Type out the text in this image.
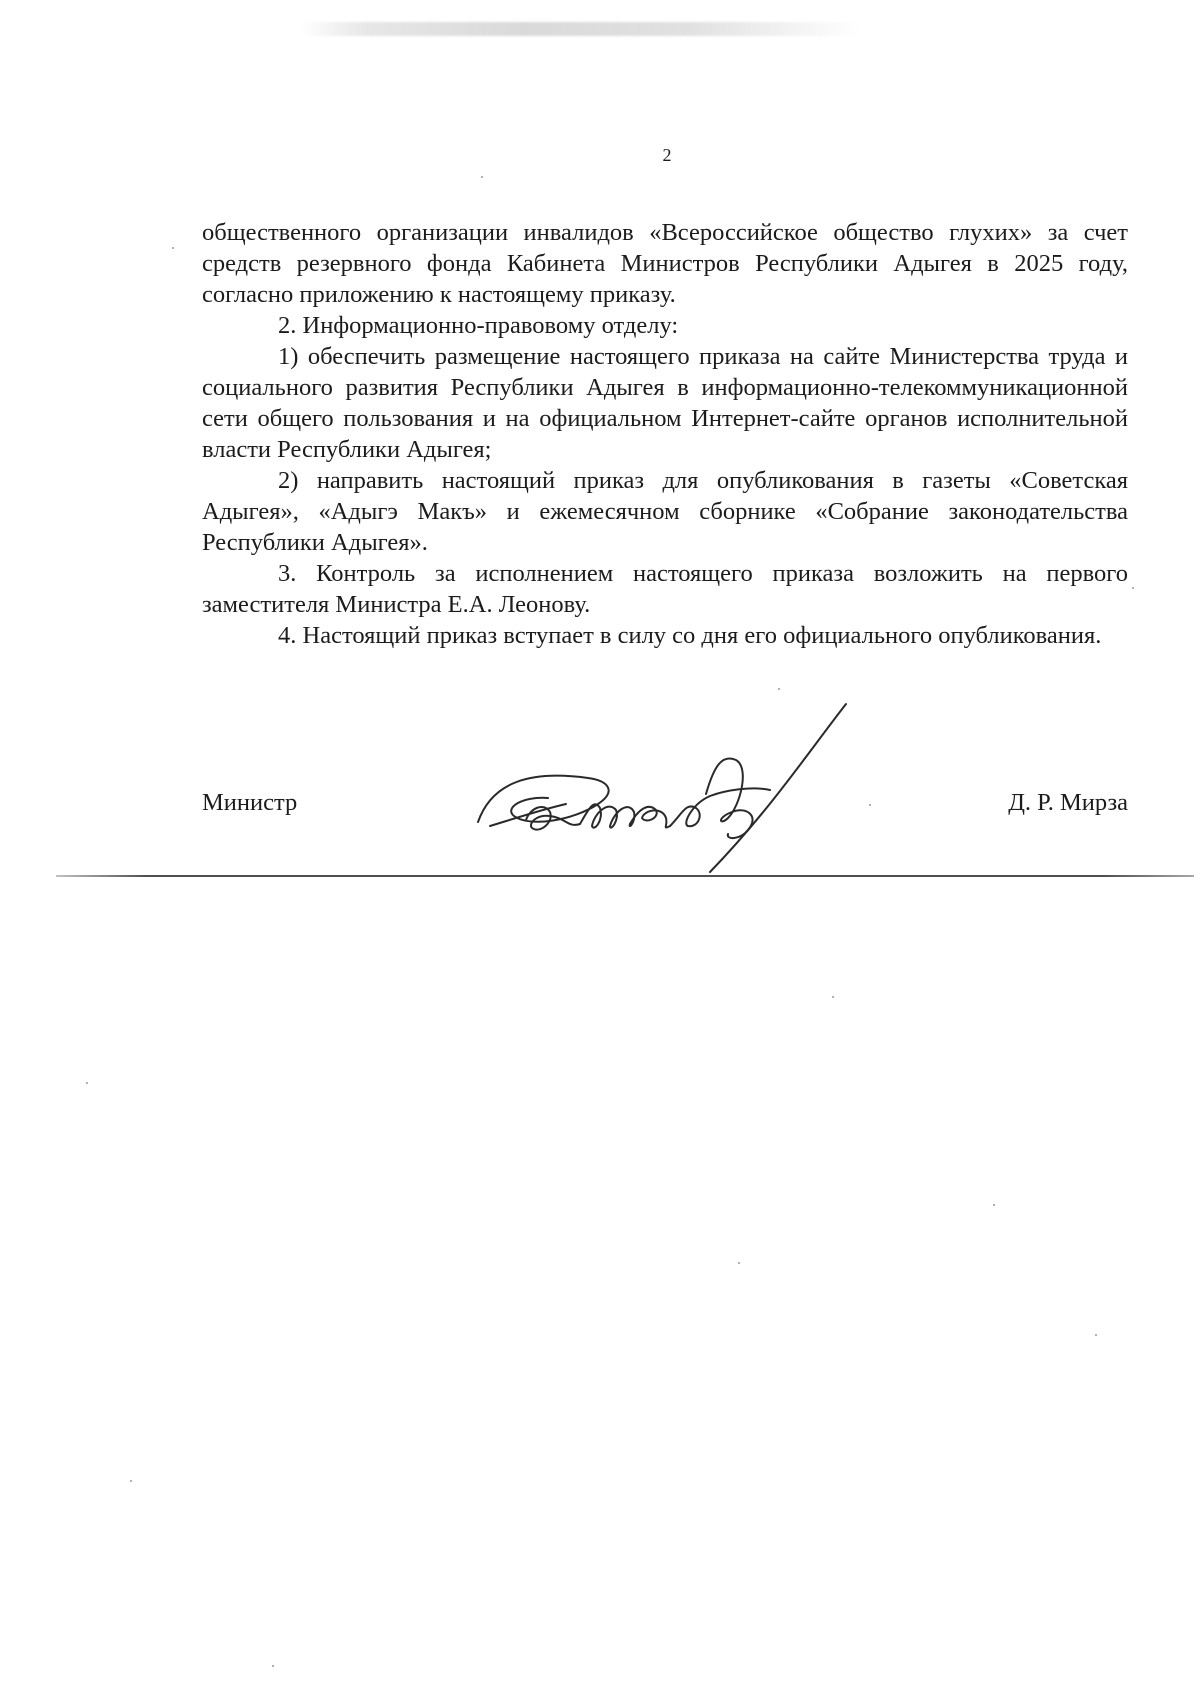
2

общественного организации инвалидов «Всероссийское общество глухих» за счет средств резервного фонда Кабинета Министров Республики Адыгея в 2025 году, согласно приложению к настоящему приказу.

2. Информационно-правовому отделу:

1) обеспечить размещение настоящего приказа на сайте Министерства труда и социального развития Республики Адыгея в информационно-телекоммуникационной сети общего пользования и на официальном Интернет-сайте органов исполнительной власти Республики Адыгея;

2) направить настоящий приказ для опубликования в газеты «Советская Адыгея», «Адыгэ Макъ» и ежемесячном сборнике «Собрание законодательства Республики Адыгея».

3. Контроль за исполнением настоящего приказа возложить на первого заместителя Министра Е.А. Леонову.

4. Настоящий приказ вступает в силу со дня его официального опубликования.

Министр	Д. Р. Мирза
